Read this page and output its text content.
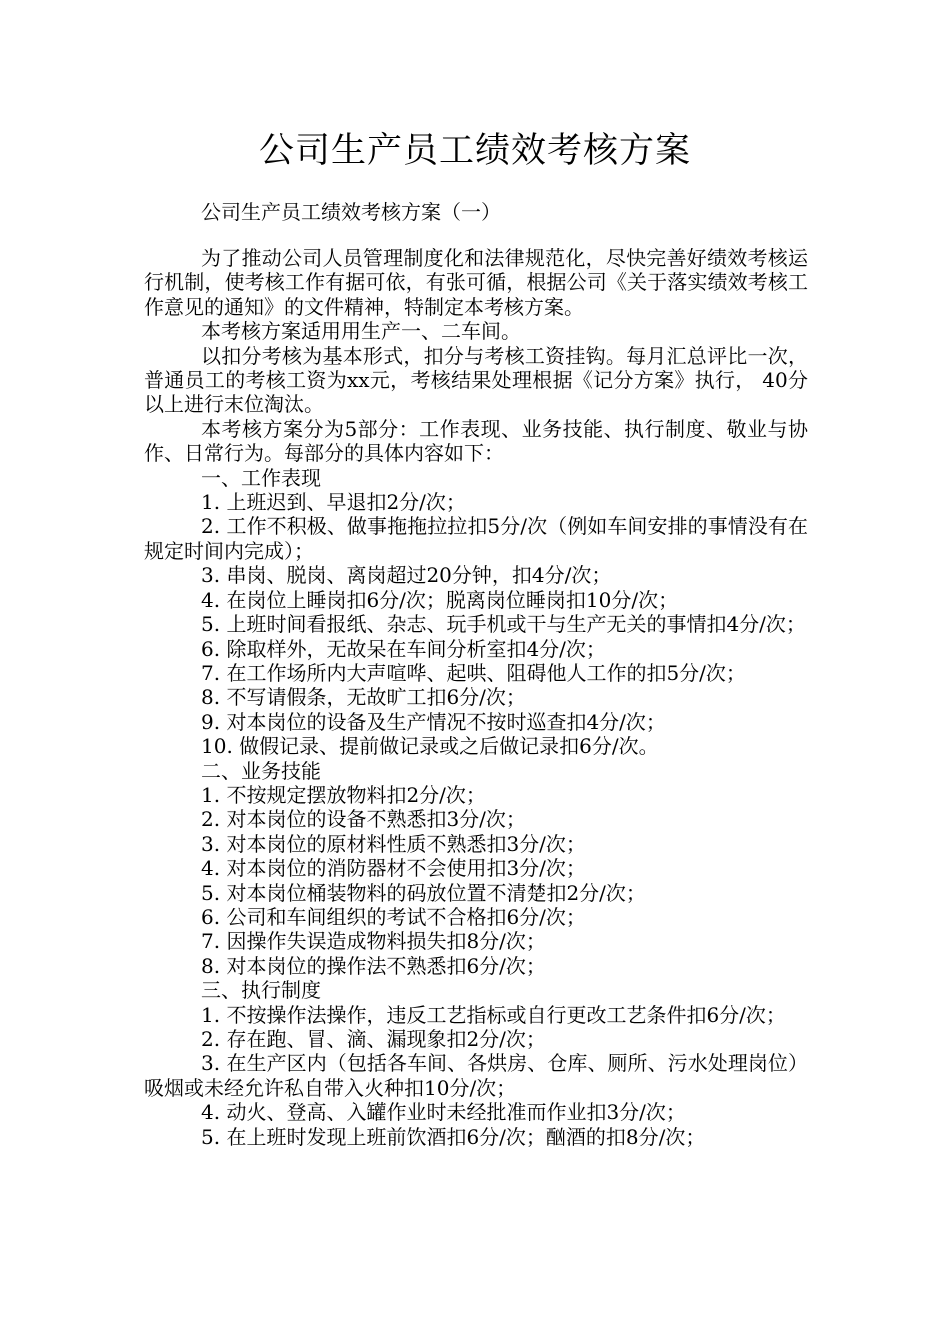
公司生产员工绩效考核方案
公司生产员工绩效考核方案（一）

为了推动公司人员管理制度化和法律规范化，尽快完善好绩效考核运行机制，使考核工作有据可依，有张可循，根据公司《关于落实绩效考核工作意见的通知》的文件精神，特制定本考核方案。

本考核方案适用用生产一、二车间。

以扣分考核为基本形式，扣分与考核工资挂钩。每月汇总评比一次，普通员工的考核工资为xx元，考核结果处理根据《记分方案》执行， 40分以上进行末位淘汰。

本考核方案分为5部分：工作表现、业务技能、执行制度、敬业与协作、日常行为。每部分的具体内容如下：

一、工作表现

1. 上班迟到、早退扣2分/次；

2. 工作不积极、做事拖拖拉拉扣5分/次（例如车间安排的事情没有在规定时间内完成）；

3. 串岗、脱岗、离岗超过20分钟，扣4分/次；

4. 在岗位上睡岗扣6分/次；脱离岗位睡岗扣10分/次；

5. 上班时间看报纸、杂志、玩手机或干与生产无关的事情扣4分/次；

6. 除取样外，无故呆在车间分析室扣4分/次；

7. 在工作场所内大声喧哗、起哄、阻碍他人工作的扣5分/次；

8. 不写请假条，无故旷工扣6分/次；

9. 对本岗位的设备及生产情况不按时巡查扣4分/次；

10. 做假记录、提前做记录或之后做记录扣6分/次。

二、业务技能

1. 不按规定摆放物料扣2分/次；

2. 对本岗位的设备不熟悉扣3分/次；

3. 对本岗位的原材料性质不熟悉扣3分/次；

4. 对本岗位的消防器材不会使用扣3分/次；

5. 对本岗位桶装物料的码放位置不清楚扣2分/次；

6. 公司和车间组织的考试不合格扣6分/次；

7. 因操作失误造成物料损失扣8分/次；

8. 对本岗位的操作法不熟悉扣6分/次；

三、执行制度

1. 不按操作法操作，违反工艺指标或自行更改工艺条件扣6分/次；

2. 存在跑、冒、滴、漏现象扣2分/次；

3. 在生产区内（包括各车间、各烘房、仓库、厕所、污水处理岗位）吸烟或未经允许私自带入火种扣10分/次；

4. 动火、登高、入罐作业时未经批准而作业扣3分/次；

5. 在上班时发现上班前饮酒扣6分/次；酗酒的扣8分/次；
